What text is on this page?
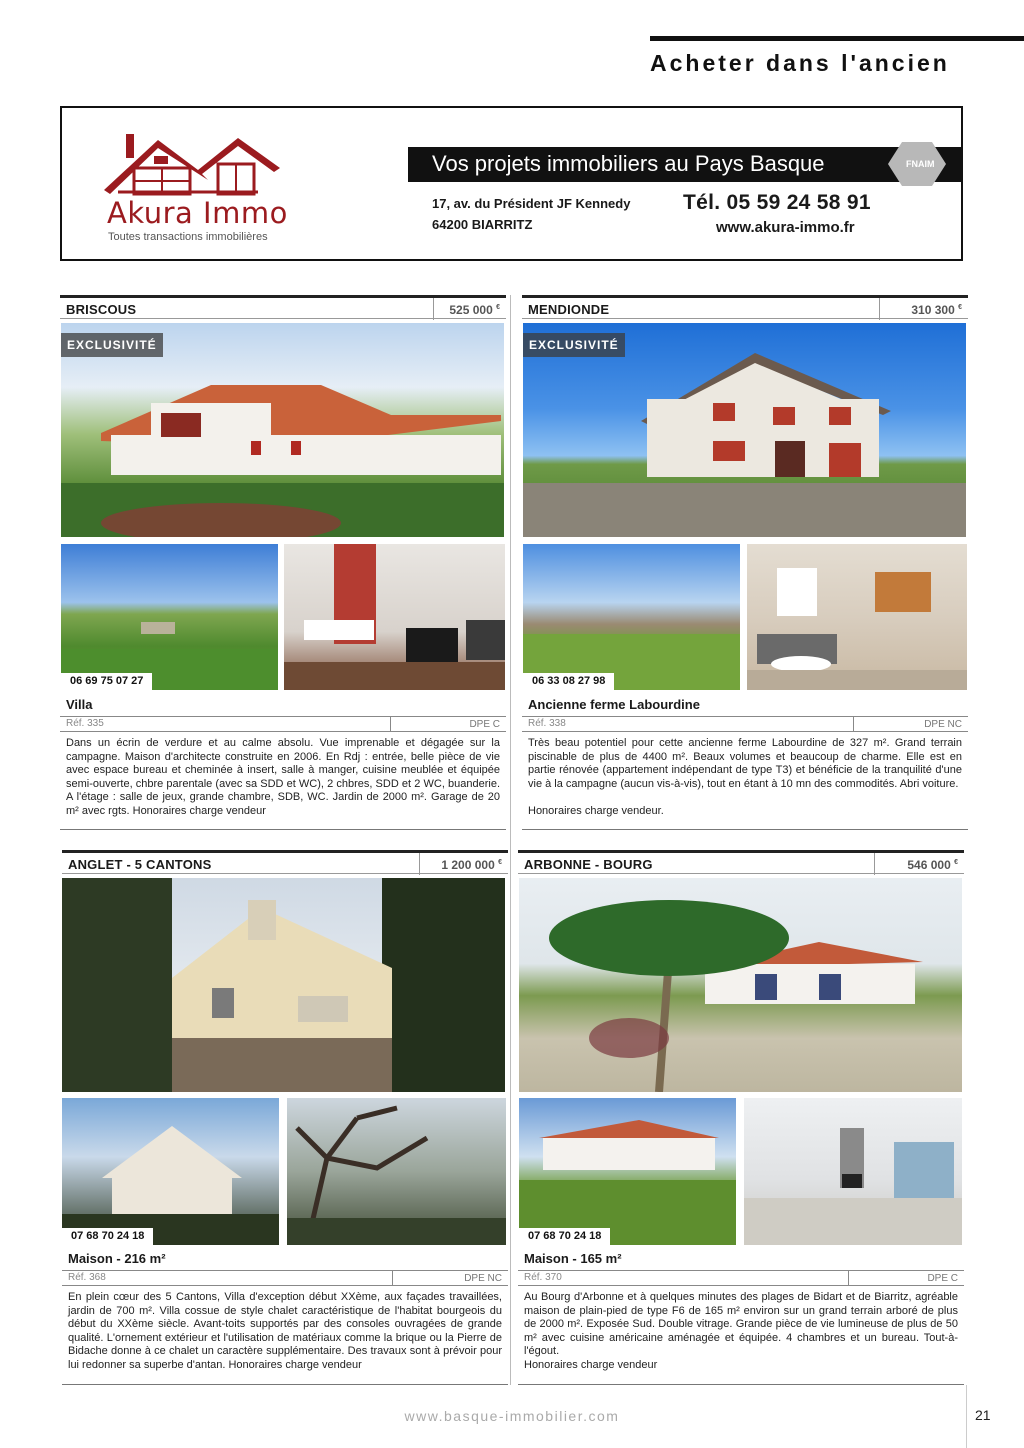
Acheter dans l'ancien
Akura Immo
Toutes transactions immobilières
Vos projets immobiliers au Pays Basque	FNAIM
17, av. du Président JF Kennedy
64200 BIARRITZ
Tél. 05 59 24 58 91
www.akura-immo.fr
BRISCOUS	525 000 €
EXCLUSIVITÉ
06 69 75 07 27
Villa
Réf. 335	DPE C
Dans un écrin de verdure et au calme absolu. Vue imprenable et dégagée sur la campagne. Maison d'architecte construite en 2006. En Rdj : entrée, belle pièce de vie avec espace bureau et cheminée à insert, salle à manger, cuisine meublée et équipée semi-ouverte, chbre parentale (avec sa SDD et WC), 2 chbres, SDD et 2 WC, buanderie. A l'étage : salle de jeux, grande chambre, SDB, WC. Jardin de 2000 m². Garage de 20 m² avec rgts. Honoraires charge vendeur
MENDIONDE	310 300 €
EXCLUSIVITÉ
06 33 08 27 98
Ancienne ferme Labourdine
Réf. 338	DPE NC
Très beau potentiel pour cette ancienne ferme Labourdine de 327 m². Grand terrain piscinable de plus de 4400 m². Beaux volumes et beaucoup de charme. Elle est en partie rénovée (appartement indépendant de type T3) et bénéficie de la tranquilité d'une vie à la campagne (aucun vis-à-vis), tout en étant à 10 mn des commodités. Abri voiture.
Honoraires charge vendeur.
ANGLET - 5 CANTONS	1 200 000 €
07 68 70 24 18
Maison - 216 m²
Réf. 368	DPE NC
En plein cœur des 5 Cantons, Villa d'exception début XXème, aux façades travaillées, jardin de 700 m². Villa cossue de style chalet caractéristique de l'habitat bourgeois du début du XXème siècle. Avant-toits supportés par des consoles ouvragées de grande qualité. L'ornement extérieur et l'utilisation de matériaux comme la brique ou la Pierre de Bidache donne à ce chalet un caractère supplémentaire. Des travaux sont à prévoir pour lui redonner sa superbe d'antan. Honoraires charge vendeur
ARBONNE - BOURG	546 000 €
07 68 70 24 18
Maison - 165 m²
Réf. 370	DPE C
Au Bourg d'Arbonne et à quelques minutes des plages de Bidart et de Biarritz, agréable maison de plain-pied de type F6 de 165 m² environ sur un grand terrain arboré de plus de 2000 m². Exposée Sud. Double vitrage. Grande pièce de vie lumineuse de plus de 50 m² avec cuisine américaine aménagée et équipée. 4 chambres et un bureau. Tout-à-l'égout.
Honoraires charge vendeur
www.basque-immobilier.com	21
